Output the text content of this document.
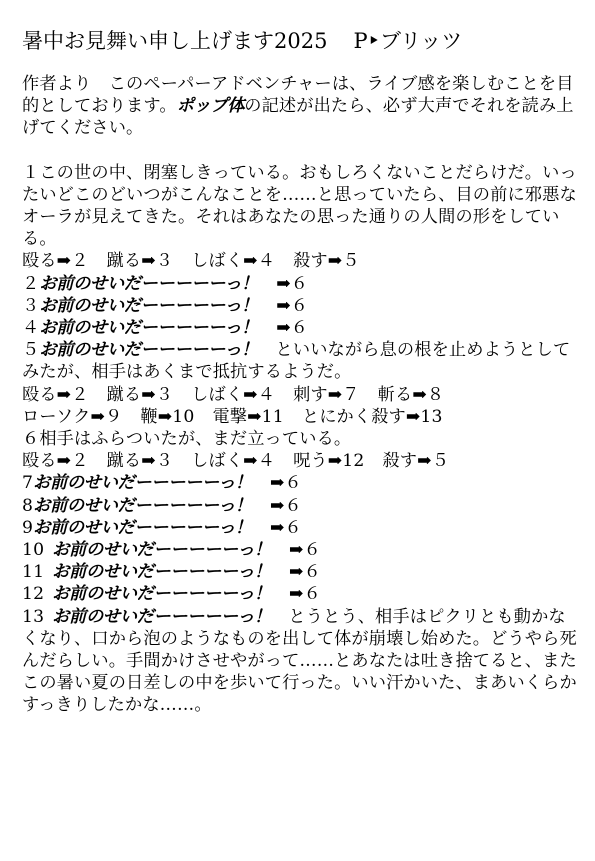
暑中お見舞い申し上げます2025 P‣ブリッツ

作者より　このペーパーアドベンチャーは、ライブ感を楽しむことを目的としております。ポップ体の記述が出たら、必ず大声でそれを読み上げてください。

１この世の中、閉塞しきっている。おもしろくないことだらけだ。いったいどこのどいつがこんなことを……と思っていたら、目の前に邪悪なオーラが見えてきた。それはあなたの思った通りの人間の形をしている。

殴る➡２ 蹴る➡３ しばく➡４ 殺す➡５

２お前のせいだーーーーーっ！ ➡６

３お前のせいだーーーーーっ！ ➡６

４お前のせいだーーーーーっ！ ➡６

５お前のせいだーーーーーっ！　といいながら息の根を止めようとしてみたが、相手はあくまで抵抗するようだ。

殴る➡２ 蹴る➡３ しばく➡４ 刺す➡７ 斬る➡８

ローソク➡９ 鞭➡10 電撃➡11 とにかく殺す➡13

６相手はふらついたが、まだ立っている。

殴る➡２ 蹴る➡３ しばく➡４ 呪う➡12 殺す➡５

7お前のせいだーーーーーっ！ ➡６

8お前のせいだーーーーーっ！ ➡６

9お前のせいだーーーーーっ！ ➡６

10 お前のせいだーーーーーっ！ ➡６

11 お前のせいだーーーーーっ！ ➡６

12 お前のせいだーーーーーっ！ ➡６

13 お前のせいだーーーーーっ！　とうとう、相手はピクリとも動かなくなり、口から泡のようなものを出して体が崩壊し始めた。どうやら死んだらしい。手間かけさせやがって……とあなたは吐き捨てると、またこの暑い夏の日差しの中を歩いて行った。いい汗かいた、まあいくらかすっきりしたかな……。
